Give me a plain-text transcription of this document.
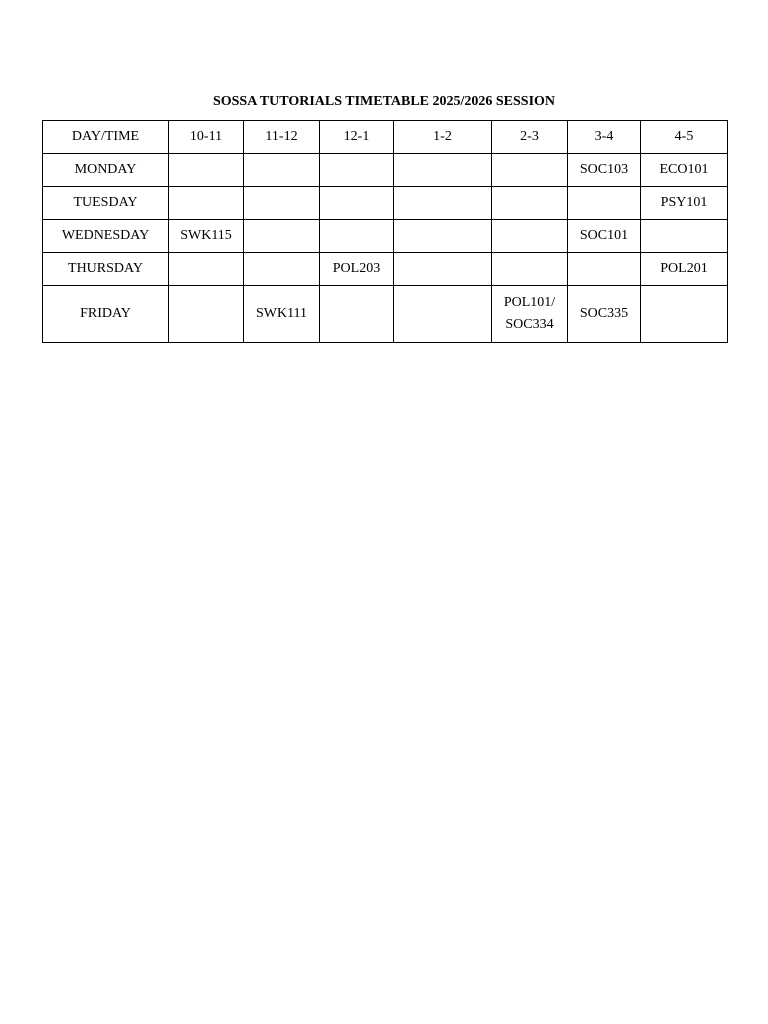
SOSSA TUTORIALS TIMETABLE 2025/2026 SESSION
DAY/TIME	10-11	11-12	12-1	1-2	2-3	3-4	4-5
MONDAY						SOC103	ECO101
TUESDAY							PSY101
WEDNESDAY	SWK115					SOC101	
THURSDAY			POL203				POL201
FRIDAY		SWK111			POL101/
SOC334	SOC335	
